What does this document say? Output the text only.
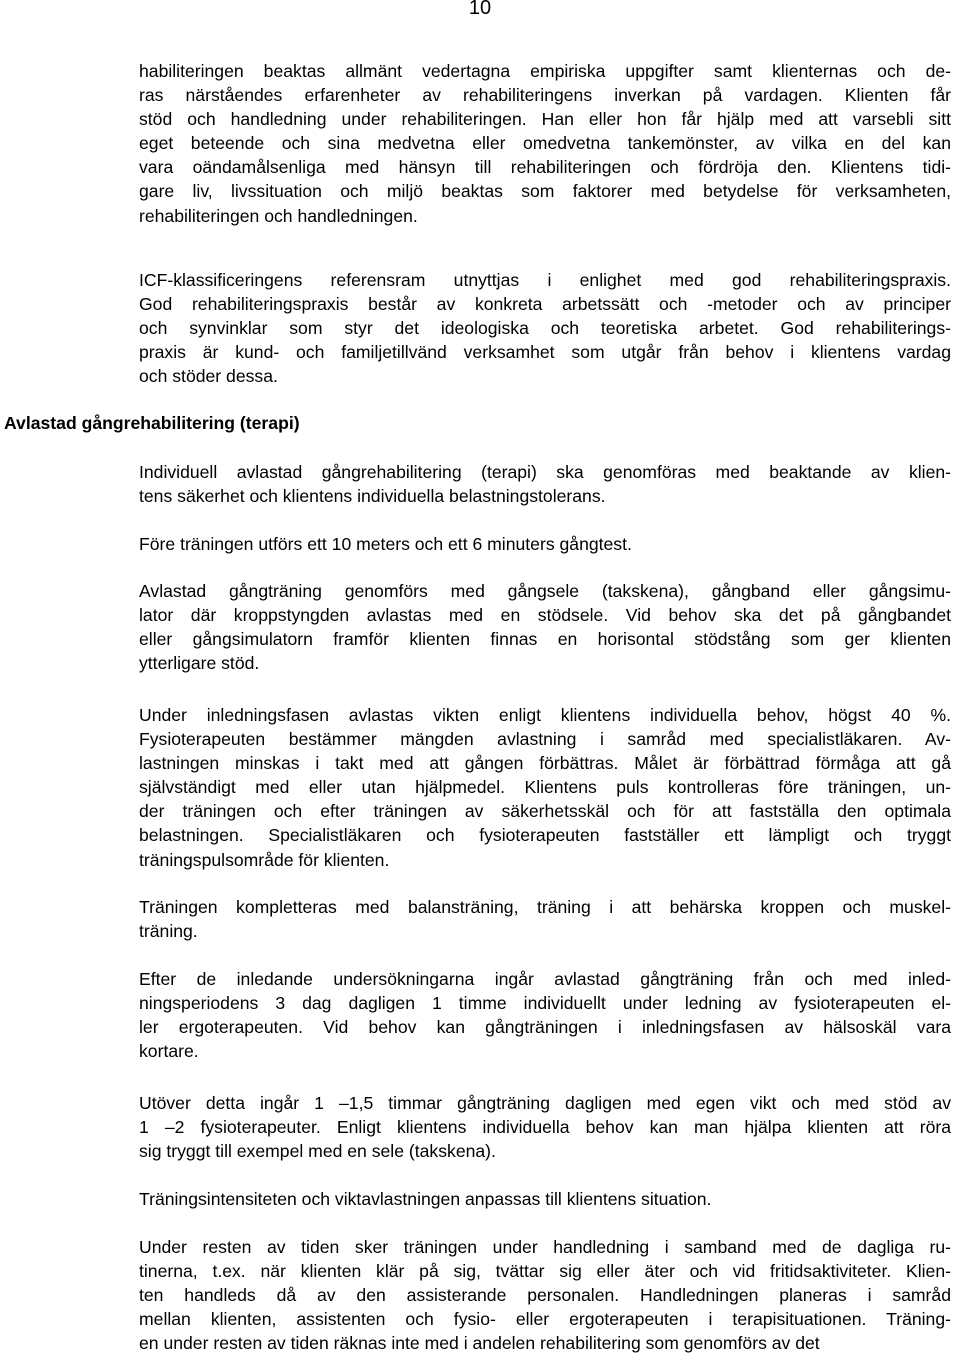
10
Avlastad gångrehabilitering (terapi)

habiliteringen beaktas allmänt vedertagna empiriska uppgifter samt klienternas och de-
ras närståendes erfarenheter av rehabiliteringens inverkan på vardagen. Klienten får
stöd och handledning under rehabiliteringen. Han eller hon får hjälp med att varsebli sitt
eget beteende och sina medvetna eller omedvetna tankemönster, av vilka en del kan
vara oändamålsenliga med hänsyn till rehabiliteringen och fördröja den. Klientens tidi-
gare liv, livssituation och miljö beaktas som faktorer med betydelse för verksamheten,
rehabiliteringen och handledningen.

ICF-klassificeringens referensram utnyttjas i enlighet med god rehabiliteringspraxis.
God rehabiliteringspraxis består av konkreta arbetssätt och -metoder och av principer
och synvinklar som styr det ideologiska och teoretiska arbetet. God rehabiliterings-
praxis är kund- och familjetillvänd verksamhet som utgår från behov i klientens vardag
och stöder dessa.

Individuell avlastad gångrehabilitering (terapi) ska genomföras med beaktande av klien-
tens säkerhet och klientens individuella belastningstolerans.

Före träningen utförs ett 10 meters och ett 6 minuters gångtest.

Avlastad gångträning genomförs med gångsele (takskena), gångband eller gångsimu-
lator där kroppstyngden avlastas med en stödsele. Vid behov ska det på gångbandet
eller gångsimulatorn framför klienten finnas en horisontal stödstång som ger klienten
ytterligare stöd.

Under inledningsfasen avlastas vikten enligt klientens individuella behov, högst 40 %.
Fysioterapeuten bestämmer mängden avlastning i samråd med specialistläkaren. Av-
lastningen minskas i takt med att gången förbättras. Målet är förbättrad förmåga att gå
självständigt med eller utan hjälpmedel. Klientens puls kontrolleras före träningen, un-
der träningen och efter träningen av säkerhetsskäl och för att fastställa den optimala
belastningen. Specialistläkaren och fysioterapeuten fastställer ett lämpligt och tryggt
träningspulsområde för klienten.

Träningen kompletteras med balansträning, träning i att behärska kroppen och muskel-
träning.

Efter de inledande undersökningarna ingår avlastad gångträning från och med inled-
ningsperiodens 3 dag dagligen 1 timme individuellt under ledning av fysioterapeuten el-
ler ergoterapeuten. Vid behov kan gångträningen i inledningsfasen av hälsoskäl vara
kortare.

Utöver detta ingår 1 –1,5 timmar gångträning dagligen med egen vikt och med stöd av
1 –2 fysioterapeuter. Enligt klientens individuella behov kan man hjälpa klienten att röra
sig tryggt till exempel med en sele (takskena).

Träningsintensiteten och viktavlastningen anpassas till klientens situation.

Under resten av tiden sker träningen under handledning i samband med de dagliga ru-
tinerna, t.ex. när klienten klär på sig, tvättar sig eller äter och vid fritidsaktiviteter. Klien-
ten handleds då av den assisterande personalen. Handledningen planeras i samråd
mellan klienten, assistenten och fysio- eller ergoterapeuten i terapisituationen. Träning-
en under resten av tiden räknas inte med i andelen rehabilitering som genomförs av det
